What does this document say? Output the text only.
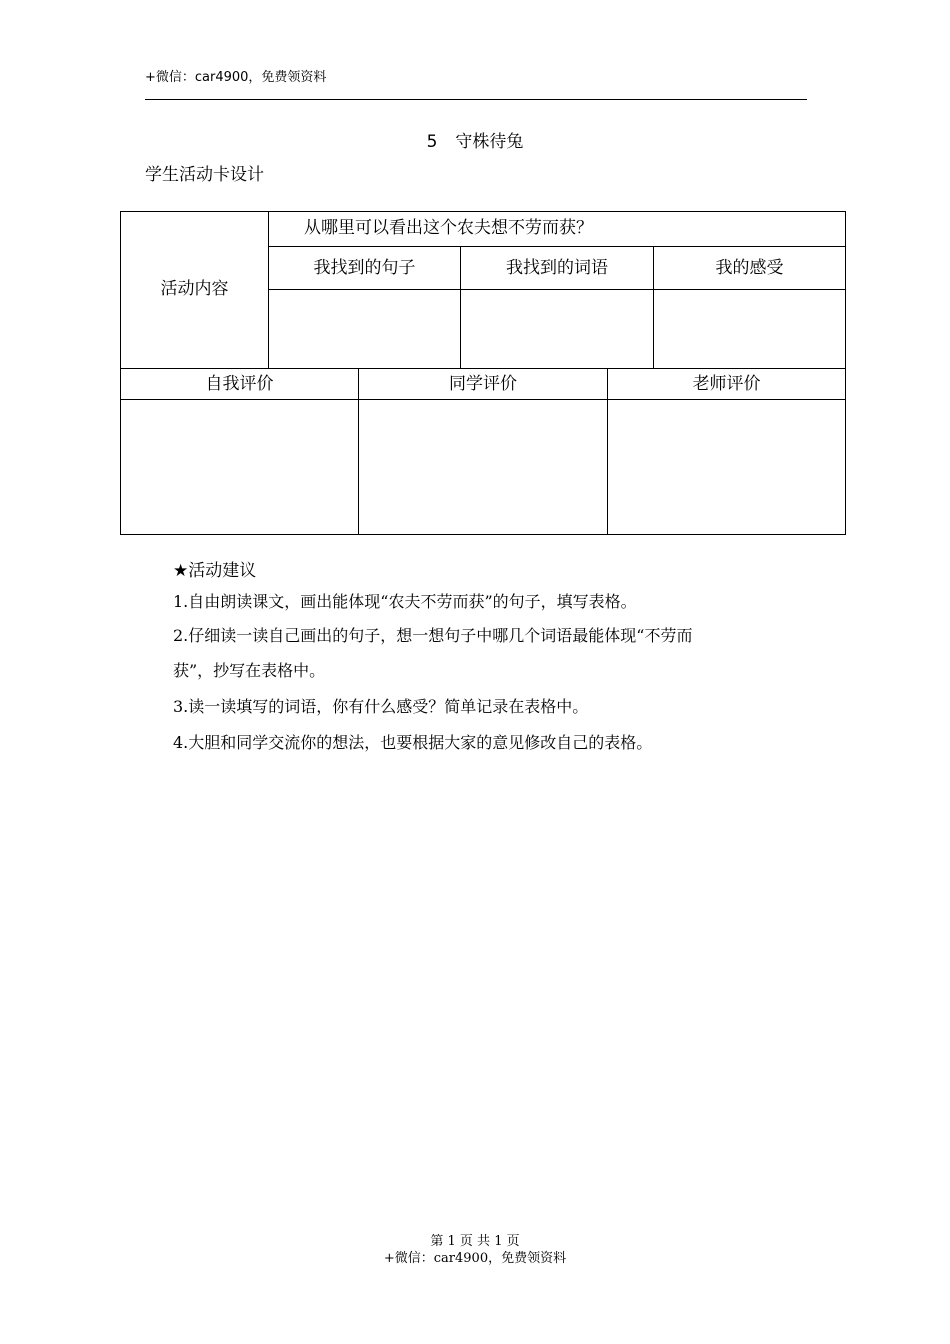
+微信：car4900，免费领资料
5 守株待兔
学生活动卡设计
活动内容
从哪里可以看出这个农夫想不劳而获？
我找到的句子	我找到的词语	我的感受
自我评价	同学评价	老师评价
★活动建议
1.自由朗读课文，画出能体现“农夫不劳而获”的句子，填写表格。
2.仔细读一读自己画出的句子，想一想句子中哪几个词语最能体现“不劳而
获”，抄写在表格中。
3.读一读填写的词语，你有什么感受？简单记录在表格中。
4.大胆和同学交流你的想法，也要根据大家的意见修改自己的表格。
第 1 页 共 1 页
+微信：car4900，免费领资料
